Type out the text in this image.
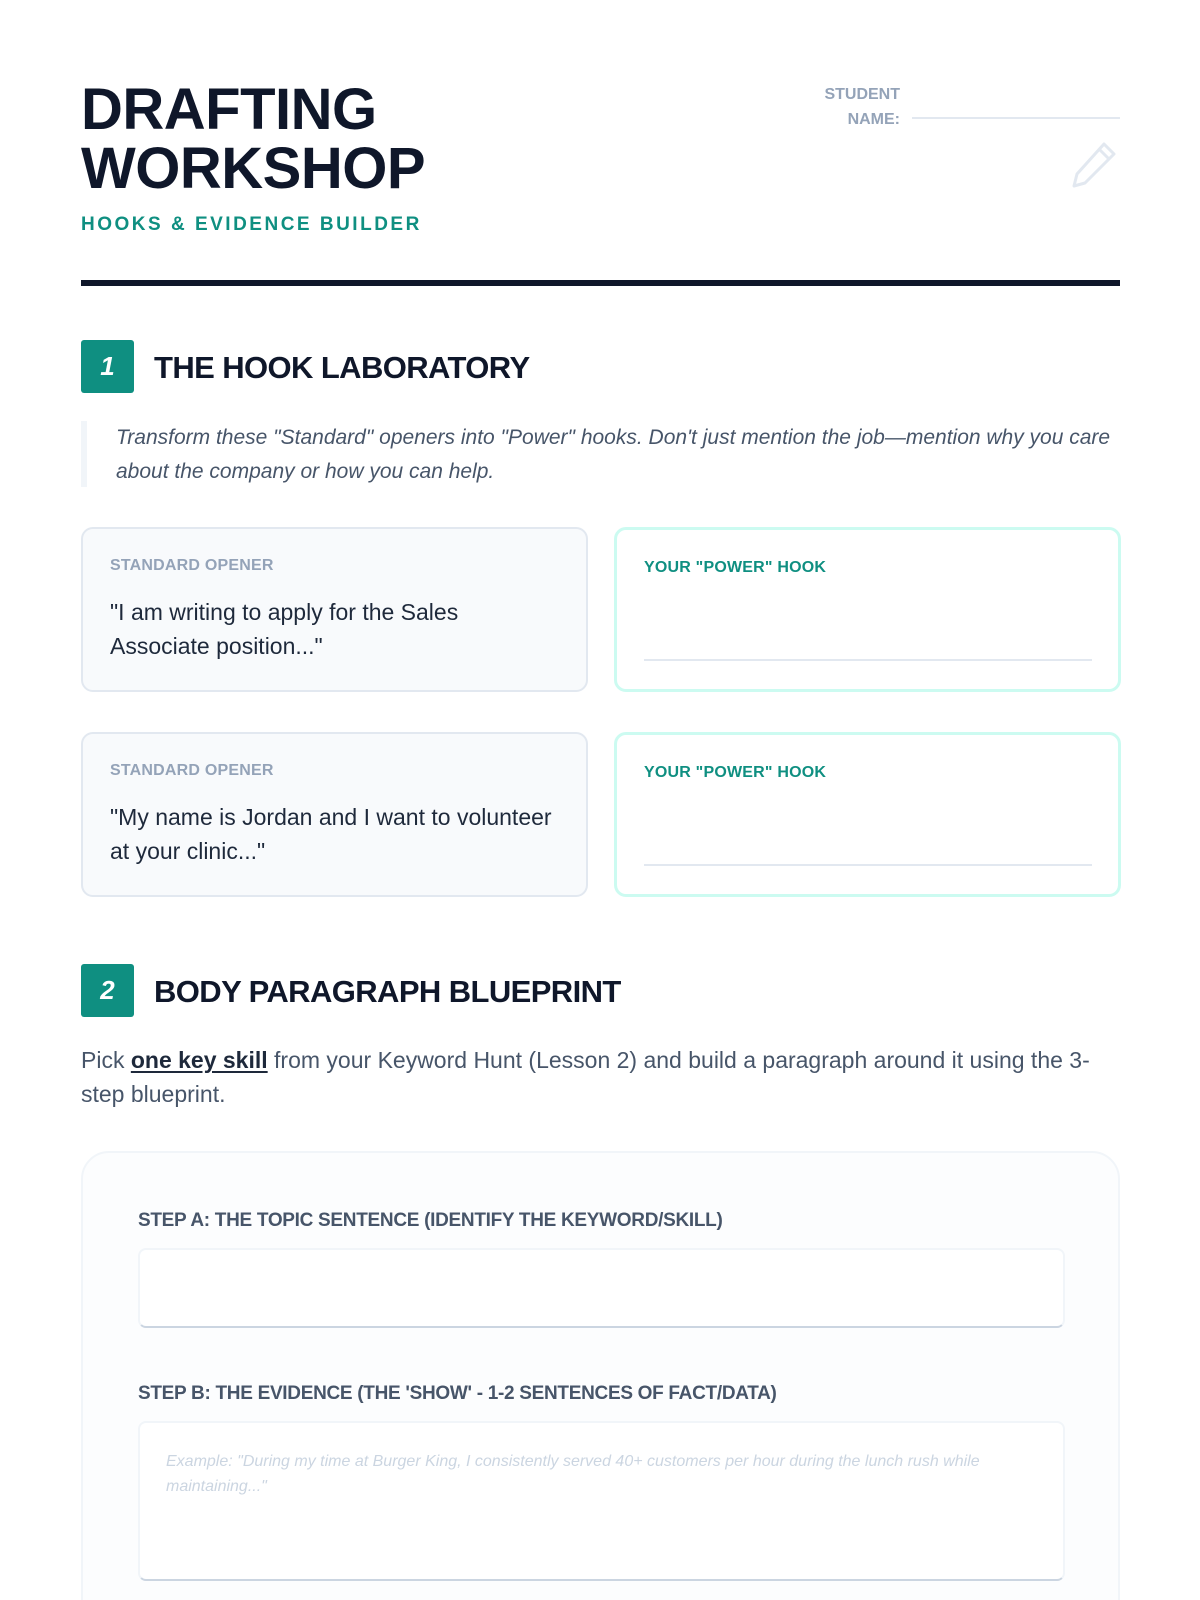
DRAFTING
WORKSHOP
HOOKS & EVIDENCE BUILDER
STUDENT
NAME:
1	THE HOOK LABORATORY
Transform these "Standard" openers into "Power" hooks. Don't just mention the job—mention why you care about the company or how you can help.
STANDARD OPENER
"I am writing to apply for the Sales Associate position..."
YOUR "POWER" HOOK
STANDARD OPENER
"My name is Jordan and I want to volunteer at your clinic..."
YOUR "POWER" HOOK
2	BODY PARAGRAPH BLUEPRINT
Pick one key skill from your Keyword Hunt (Lesson 2) and build a paragraph around it using the 3-step blueprint.
STEP A: THE TOPIC SENTENCE (IDENTIFY THE KEYWORD/SKILL)
STEP B: THE EVIDENCE (THE 'SHOW' - 1-2 SENTENCES OF FACT/DATA)
Example: "During my time at Burger King, I consistently served 40+ customers per hour during the lunch rush while maintaining..."
